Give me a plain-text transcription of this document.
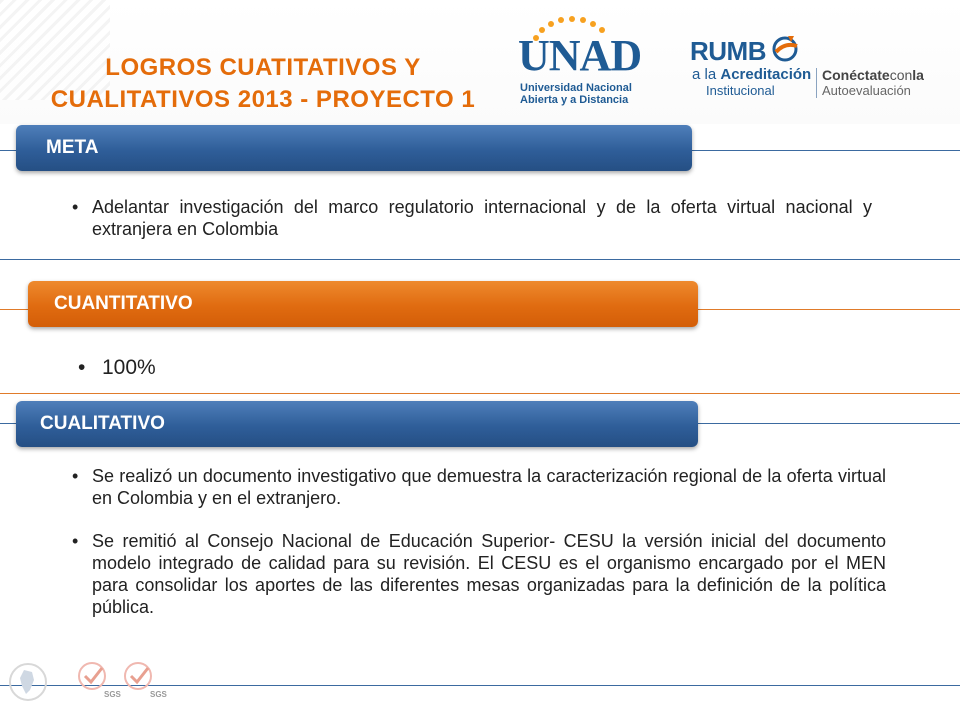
LOGROS CUATITATIVOS Y
CUALITATIVOS 2013 - PROYECTO 1
UNAD
Universidad Nacional
Abierta y a Distancia
RUMB
a la Acreditación
Institucional
Conéctateconla
Autoevaluación
META
• Adelantar investigación del marco regulatorio internacional y de la oferta virtual nacional y extranjera en Colombia
CUANTITATIVO
• 100%
CUALITATIVO
• Se realizó un documento investigativo que demuestra la caracterización regional de la oferta virtual en Colombia y en el extranjero.
• Se remitió al Consejo Nacional de Educación Superior- CESU la versión inicial del documento modelo integrado de calidad para su revisión. El CESU es el organismo encargado por el MEN para consolidar los aportes de las diferentes mesas organizadas para la definición de la política pública.
SGS	SGS
